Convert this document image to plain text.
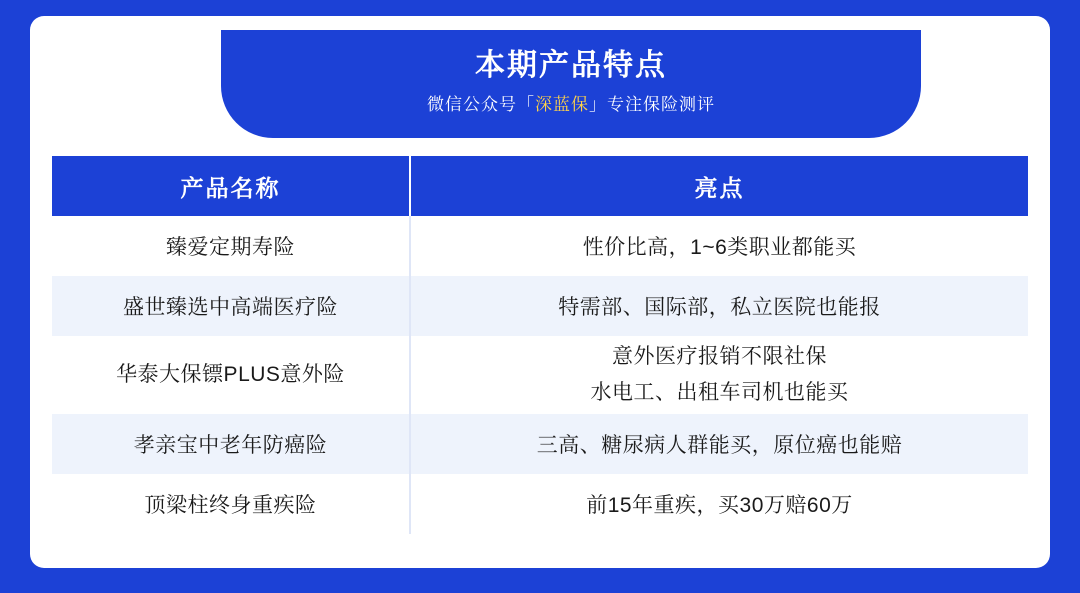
本期产品特点
微信公众号「深蓝保」专注保险测评
产品名称	亮点
臻爱定期寿险	性价比高，1~6类职业都能买
盛世臻选中高端医疗险	特需部、国际部，私立医院也能报
华泰大保镖PLUS意外险	意外医疗报销不限社保
水电工、出租车司机也能买

孝亲宝中老年防癌险	三高、糖尿病人群能买，原位癌也能赔
顶梁柱终身重疾险	前15年重疾，买30万赔60万
